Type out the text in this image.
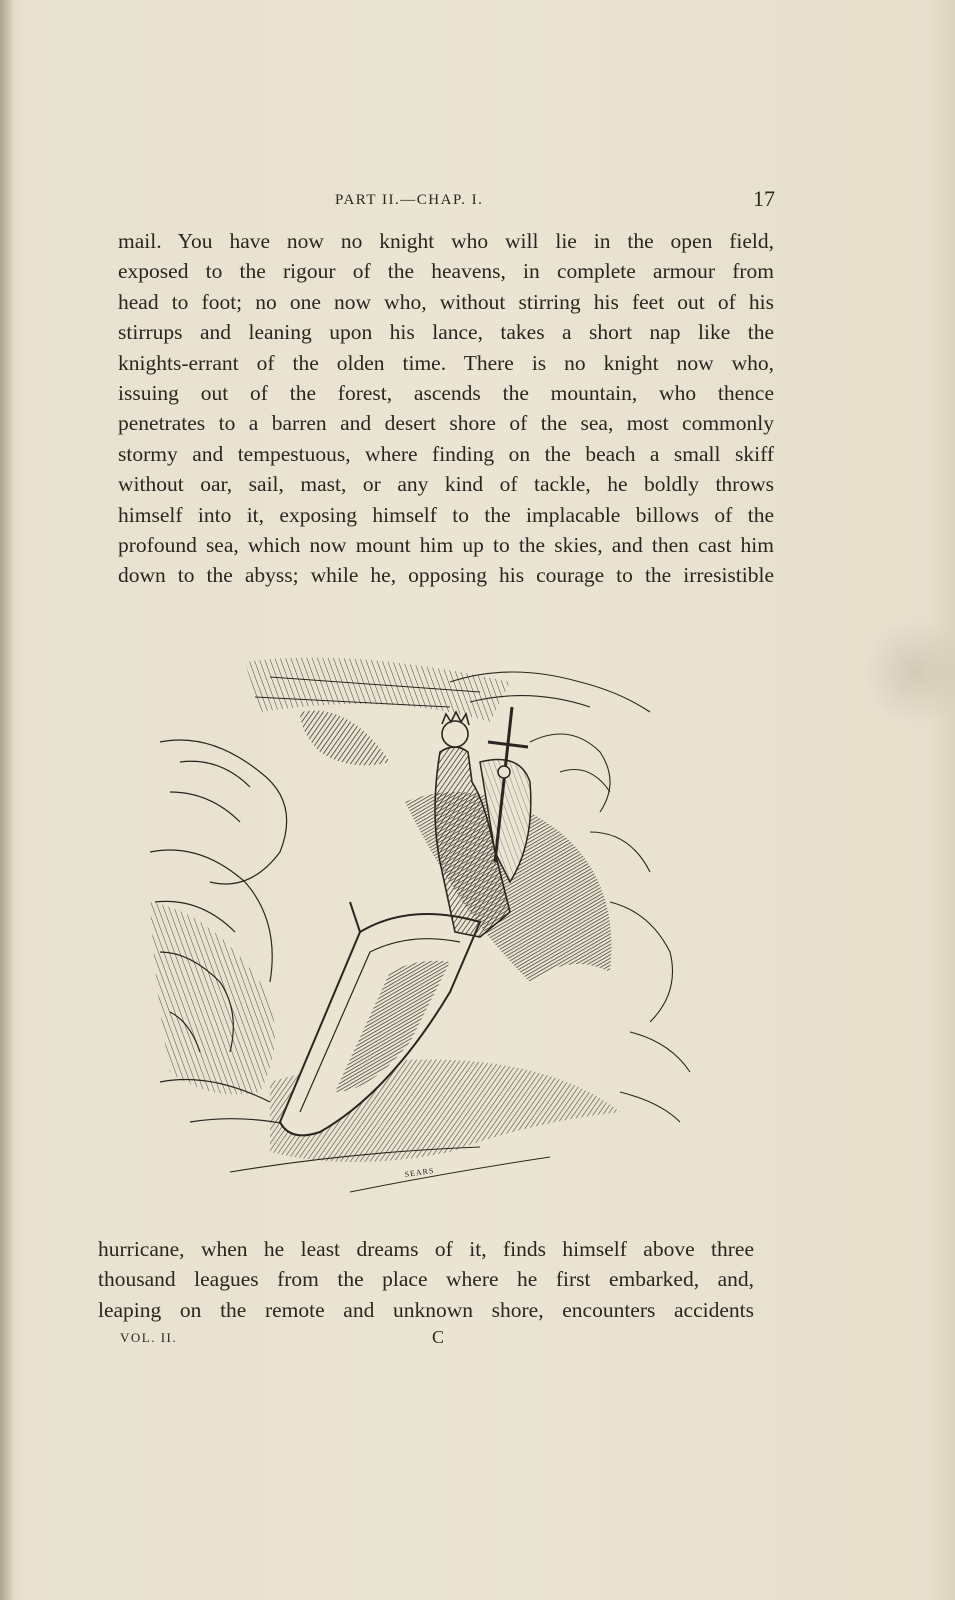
PART II.—CHAP. I.	17
mail. You have now no knight who will lie in the open field,
exposed to the rigour of the heavens, in complete armour from
head to foot; no one now who, without stirring his feet out of his
stirrups and leaning upon his lance, takes a short nap like the
knights-errant of the olden time. There is no knight now who,
issuing out of the forest, ascends the mountain, who thence
penetrates to a barren and desert shore of the sea, most commonly
stormy and tempestuous, where finding on the beach a small skiff
without oar, sail, mast, or any kind of tackle, he boldly throws
himself into it, exposing himself to the implacable billows of the
profound sea, which now mount him up to the skies, and then cast him
down to the abyss; while he, opposing his courage to the irresistible
SEARS
hurricane, when he least dreams of it, finds himself above three
thousand leagues from the place where he first embarked, and,
leaping on the remote and unknown shore, encounters accidents
VOL. II.	C
